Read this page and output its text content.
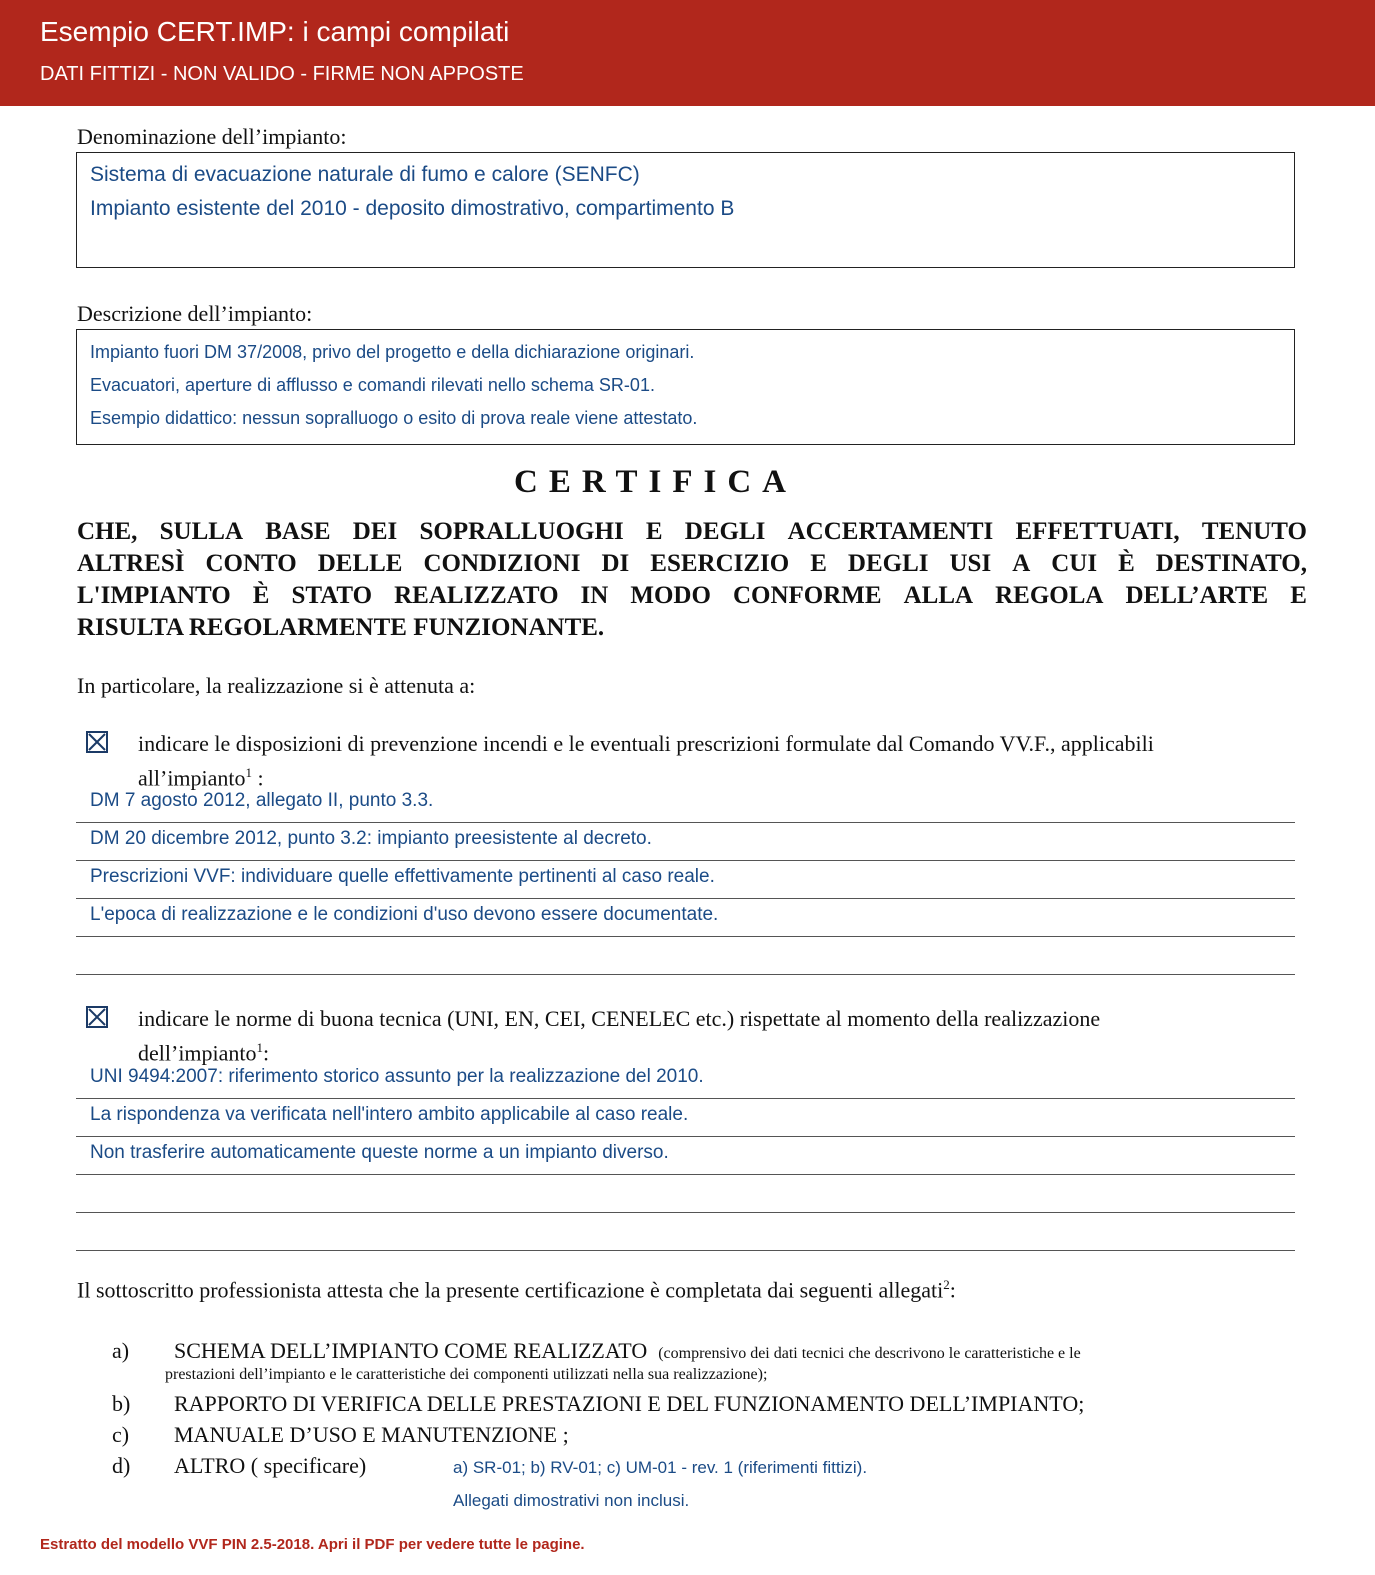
Esempio CERT.IMP: i campi compilati
DATI FITTIZI - NON VALIDO - FIRME NON APPOSTE
Denominazione dell’impianto:
Sistema di evacuazione naturale di fumo e calore (SENFC)
Impianto esistente del 2010 - deposito dimostrativo, compartimento B
Descrizione dell’impianto:
Impianto fuori DM 37/2008, privo del progetto e della dichiarazione originari.
Evacuatori, aperture di afflusso e comandi rilevati nello schema SR-01.
Esempio didattico: nessun sopralluogo o esito di prova reale viene attestato.
CERTIFICA
CHE, SULLA BASE DEI SOPRALLUOGHI E DEGLI ACCERTAMENTI EFFETTUATI, TENUTO
ALTRESÌ CONTO DELLE CONDIZIONI DI ESERCIZIO E DEGLI USI A CUI È DESTINATO,
L'IMPIANTO È STATO REALIZZATO IN MODO CONFORME ALLA REGOLA DELL’ARTE E
RISULTA REGOLARMENTE FUNZIONANTE.
In particolare, la realizzazione si è attenuta a:
indicare le disposizioni di prevenzione incendi e le eventuali prescrizioni formulate dal Comando VV.F., applicabili
all’impianto$^1$ :
DM 7 agosto 2012, allegato II, punto 3.3.
DM 20 dicembre 2012, punto 3.2: impianto preesistente al decreto.
Prescrizioni VVF: individuare quelle effettivamente pertinenti al caso reale.
L'epoca di realizzazione e le condizioni d'uso devono essere documentate.
indicare le norme di buona tecnica (UNI, EN, CEI, CENELEC etc.) rispettate al momento della realizzazione
dell’impianto$^1$:
UNI 9494:2007: riferimento storico assunto per la realizzazione del 2010.
La rispondenza va verificata nell'intero ambito applicabile al caso reale.
Non trasferire automaticamente queste norme a un impianto diverso.
Il sottoscritto professionista attesta che la presente certificazione è completata dai seguenti allegati$^2$:
a) SCHEMA DELL’IMPIANTO COME REALIZZATO (comprensivo dei dati tecnici che descrivono le caratteristiche e le
prestazioni dell’impianto e le caratteristiche dei componenti utilizzati nella sua realizzazione);
b) RAPPORTO DI VERIFICA DELLE PRESTAZIONI E DEL FUNZIONAMENTO DELL’IMPIANTO;
c) MANUALE D’USO E MANUTENZIONE ;
d) ALTRO ( specificare)	a) SR-01; b) RV-01; c) UM-01 - rev. 1 (riferimenti fittizi).
Allegati dimostrativi non inclusi.
Estratto del modello VVF PIN 2.5-2018. Apri il PDF per vedere tutte le pagine.
